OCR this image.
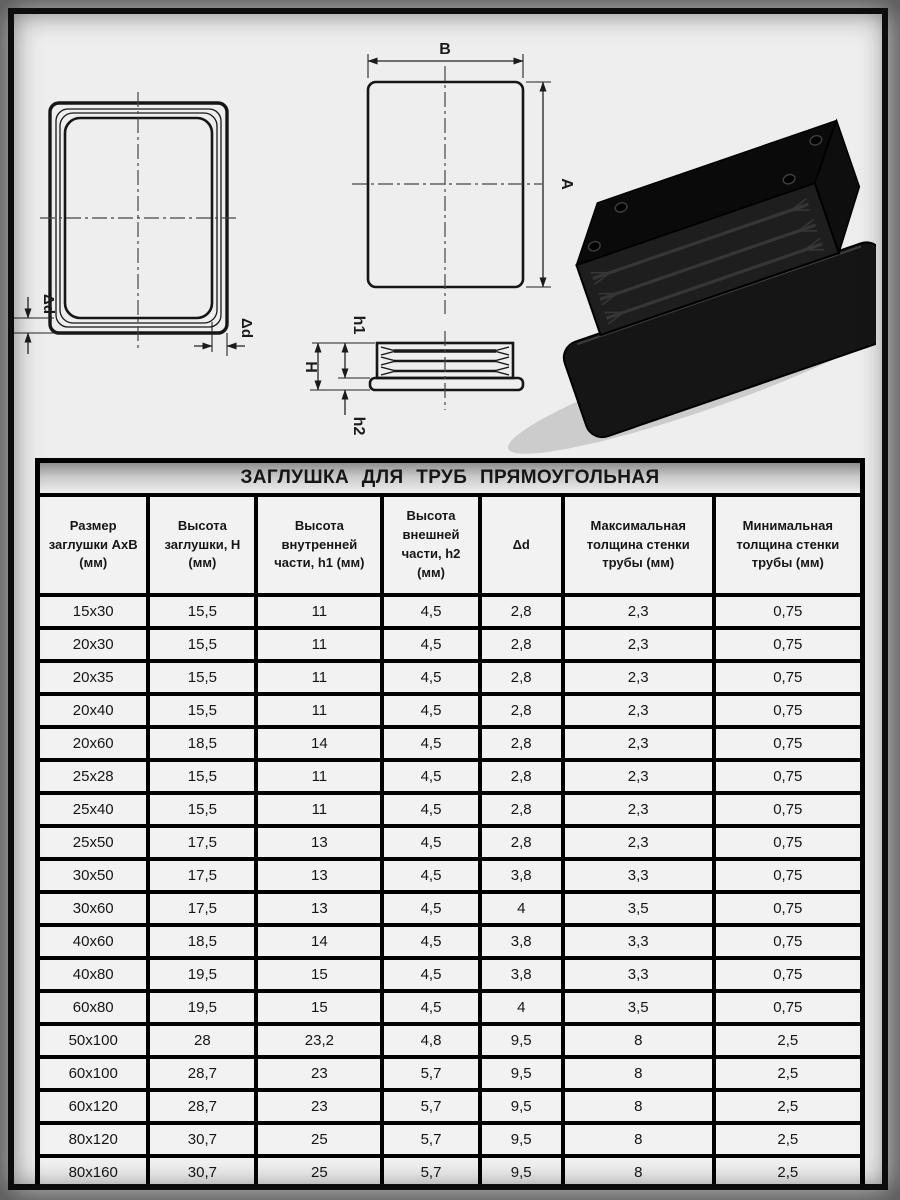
Δd
Δd
B
A
H
h1
h2
ЗАГЛУШКА ДЛЯ ТРУБ ПРЯМОУГОЛЬНАЯ						
Размер заглушки АхВ (мм)	Высота заглушки, Н (мм)	Высота внутренней части, h1 (мм)	Высота внешней части, h2 (мм)	Δd	Максимальная толщина стенки трубы (мм)	Минимальная толщина стенки трубы (мм)
15x30	15,5	11	4,5	2,8	2,3	0,75
20x30	15,5	11	4,5	2,8	2,3	0,75
20x35	15,5	11	4,5	2,8	2,3	0,75
20x40	15,5	11	4,5	2,8	2,3	0,75
20x60	18,5	14	4,5	2,8	2,3	0,75
25x28	15,5	11	4,5	2,8	2,3	0,75
25x40	15,5	11	4,5	2,8	2,3	0,75
25x50	17,5	13	4,5	2,8	2,3	0,75
30x50	17,5	13	4,5	3,8	3,3	0,75
30x60	17,5	13	4,5	4	3,5	0,75
40x60	18,5	14	4,5	3,8	3,3	0,75
40x80	19,5	15	4,5	3,8	3,3	0,75
60x80	19,5	15	4,5	4	3,5	0,75
50x100	28	23,2	4,8	9,5	8	2,5
60x100	28,7	23	5,7	9,5	8	2,5
60x120	28,7	23	5,7	9,5	8	2,5
80x120	30,7	25	5,7	9,5	8	2,5
80x160	30,7	25	5,7	9,5	8	2,5
